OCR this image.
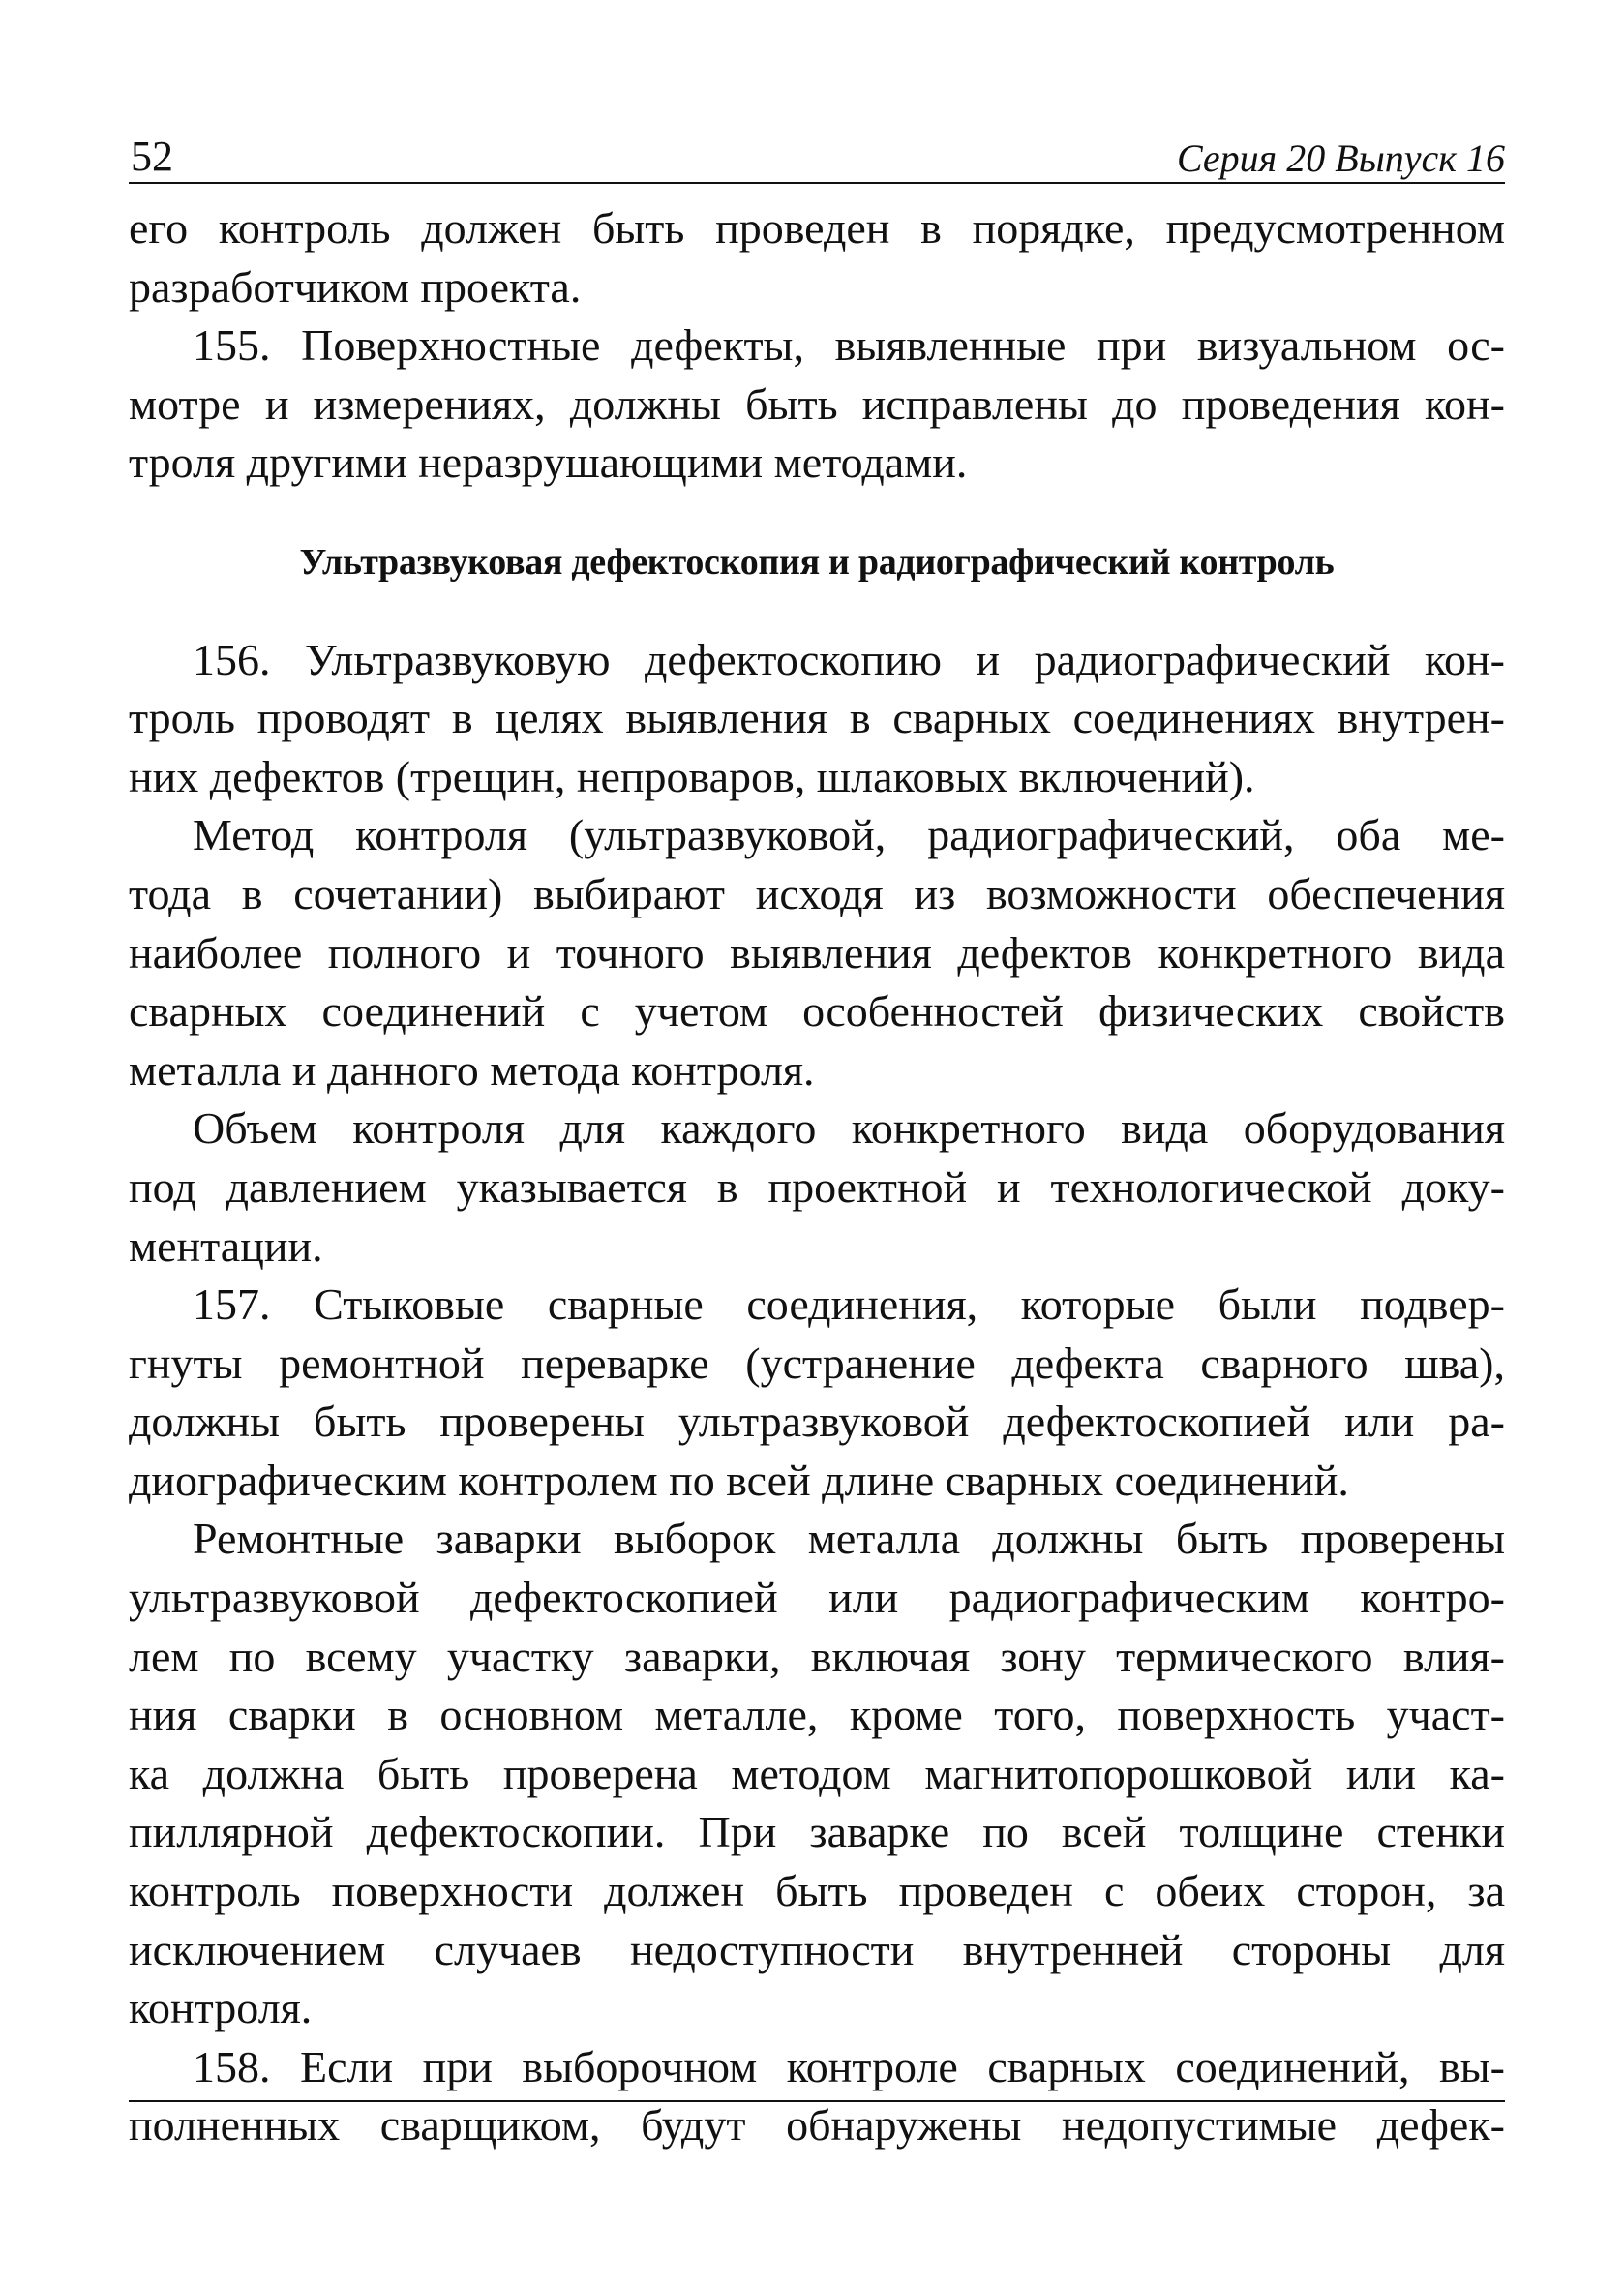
52	Серия 20 Выпуск 16
его контроль должен быть проведен в порядке, предусмотренном
разработчиком проекта.
155. Поверхностные дефекты, выявленные при визуальном ос-
мотре и измерениях, должны быть исправлены до проведения кон-
троля другими неразрушающими методами.
Ультразвуковая дефектоскопия и радиографический контроль
156. Ультразвуковую дефектоскопию и радиографический кон-
троль проводят в целях выявления в сварных соединениях внутрен-
них дефектов (трещин, непроваров, шлаковых включений).
Метод контроля (ультразвуковой, радиографический, оба ме-
тода в сочетании) выбирают исходя из возможности обеспечения
наиболее полного и точного выявления дефектов конкретного вида
сварных соединений с учетом особенностей физических свойств
металла и данного метода контроля.
Объем контроля для каждого конкретного вида оборудования
под давлением указывается в проектной и технологической доку-
ментации.
157. Стыковые сварные соединения, которые были подвер-
гнуты ремонтной переварке (устранение дефекта сварного шва),
должны быть проверены ультразвуковой дефектоскопией или ра-
диографическим контролем по всей длине сварных соединений.
Ремонтные заварки выборок металла должны быть проверены
ультразвуковой дефектоскопией или радиографическим контро-
лем по всему участку заварки, включая зону термического влия-
ния сварки в основном металле, кроме того, поверхность участ-
ка должна быть проверена методом магнитопорошковой или ка-
пиллярной дефектоскопии. При заварке по всей толщине стенки
контроль поверхности должен быть проведен с обеих сторон, за
исключением случаев недоступности внутренней стороны для
контроля.
158. Если при выборочном контроле сварных соединений, вы-
полненных сварщиком, будут обнаружены недопустимые дефек-
